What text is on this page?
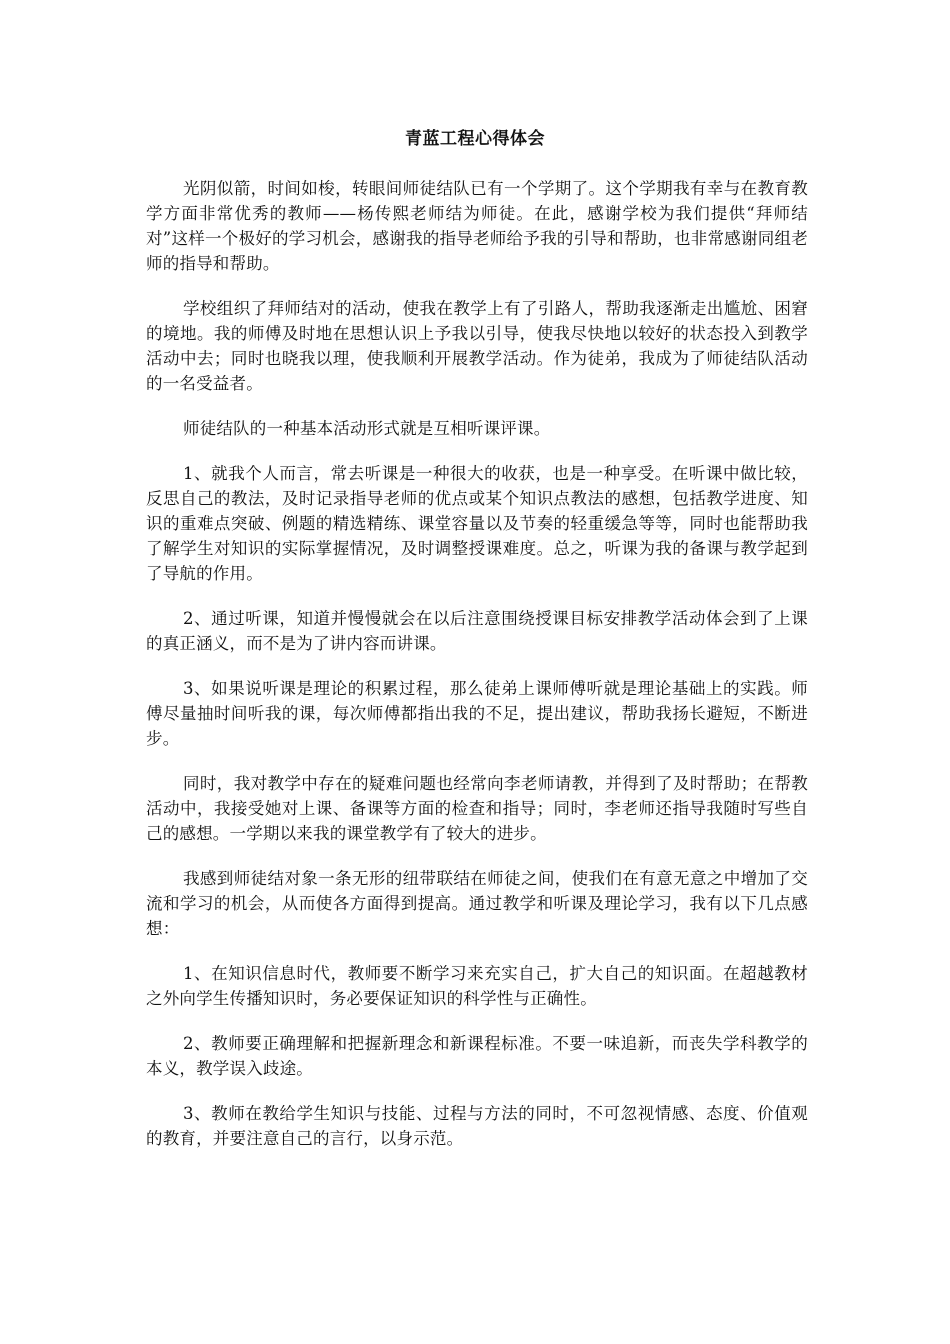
青蓝工程心得体会

光阴似箭，时间如梭，转眼间师徒结队已有一个学期了。这个学期我有幸与在教育教学方面非常优秀的教师——杨传熙老师结为师徒。在此，感谢学校为我们提供“拜师结对”这样一个极好的学习机会，感谢我的指导老师给予我的引导和帮助，也非常感谢同组老师的指导和帮助。

学校组织了拜师结对的活动，使我在教学上有了引路人，帮助我逐渐走出尴尬、困窘的境地。我的师傅及时地在思想认识上予我以引导，使我尽快地以较好的状态投入到教学活动中去；同时也晓我以理，使我顺利开展教学活动。作为徒弟，我成为了师徒结队活动的一名受益者。

师徒结队的一种基本活动形式就是互相听课评课。

1、就我个人而言，常去听课是一种很大的收获，也是一种享受。在听课中做比较，反思自己的教法，及时记录指导老师的优点或某个知识点教法的感想，包括教学进度、知识的重难点突破、例题的精选精练、课堂容量以及节奏的轻重缓急等等，同时也能帮助我了解学生对知识的实际掌握情况，及时调整授课难度。总之，听课为我的备课与教学起到了导航的作用。

2、通过听课，知道并慢慢就会在以后注意围绕授课目标安排教学活动体会到了上课的真正涵义，而不是为了讲内容而讲课。

3、如果说听课是理论的积累过程，那么徒弟上课师傅听就是理论基础上的实践。师傅尽量抽时间听我的课，每次师傅都指出我的不足，提出建议，帮助我扬长避短，不断进步。

同时，我对教学中存在的疑难问题也经常向李老师请教，并得到了及时帮助；在帮教活动中，我接受她对上课、备课等方面的检查和指导；同时，李老师还指导我随时写些自己的感想。一学期以来我的课堂教学有了较大的进步。

我感到师徒结对象一条无形的纽带联结在师徒之间，使我们在有意无意之中增加了交流和学习的机会，从而使各方面得到提高。通过教学和听课及理论学习，我有以下几点感想：

1、在知识信息时代，教师要不断学习来充实自己，扩大自己的知识面。在超越教材之外向学生传播知识时，务必要保证知识的科学性与正确性。

2、教师要正确理解和把握新理念和新课程标准。不要一味追新，而丧失学科教学的本义，教学误入歧途。

3、教师在教给学生知识与技能、过程与方法的同时，不可忽视情感、态度、价值观的教育，并要注意自己的言行，以身示范。
